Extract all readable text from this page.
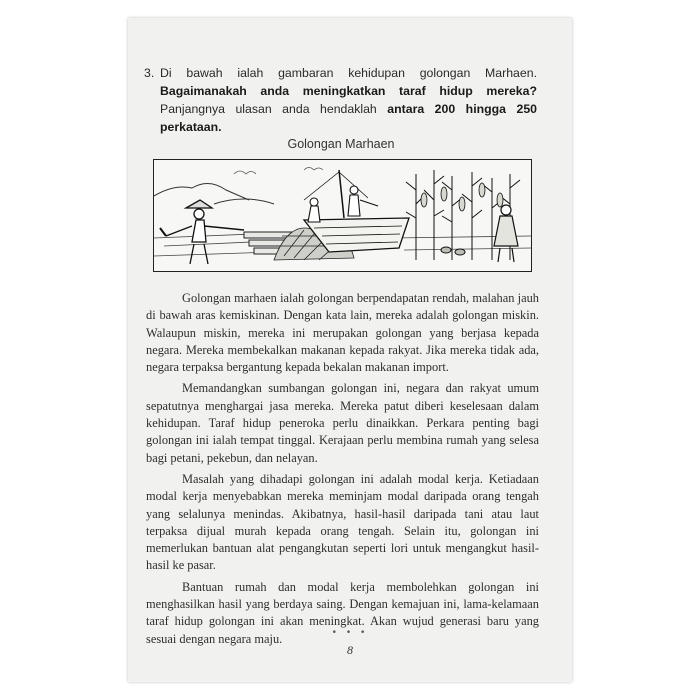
3. Di bawah ialah gambaran kehidupan golongan Marhaen. Bagaimanakah anda meningkatkan taraf hidup mereka? Panjangnya ulasan anda hendaklah antara 200 hingga 250 perkataan.
Golongan Marhaen

Golongan marhaen ialah golongan berpendapatan rendah, malahan jauh di bawah aras kemiskinan. Dengan kata lain, mereka adalah golongan miskin. Walaupun miskin, mereka ini merupakan golongan yang berjasa kepada negara. Mereka membekalkan makanan kepada rakyat. Jika mereka tidak ada, negara terpaksa bergantung kepada bekalan makanan import.

Memandangkan sumbangan golongan ini, negara dan rakyat umum sepatutnya menghargai jasa mereka. Mereka patut diberi keselesaan dalam kehidupan. Taraf hidup peneroka perlu dinaikkan. Perkara penting bagi golongan ini ialah tempat tinggal. Kerajaan perlu membina rumah yang selesa bagi petani, pekebun, dan nelayan.

Masalah yang dihadapi golongan ini adalah modal kerja. Ketiadaan modal kerja menyebabkan mereka meminjam modal daripada orang tengah yang selalunya menindas. Akibatnya, hasil-hasil daripada tani atau laut terpaksa dijual murah kepada orang tengah. Selain itu, golongan ini memerlukan bantuan alat pengangkutan seperti lori untuk mengangkut hasil-hasil ke pasar.

Bantuan rumah dan modal kerja membolehkan golongan ini menghasilkan hasil yang berdaya saing. Dengan kemajuan ini, lama-kelamaan taraf hidup golongan ini akan meningkat. Akan wujud generasi baru yang sesuai dengan negara maju.	• • •
8
